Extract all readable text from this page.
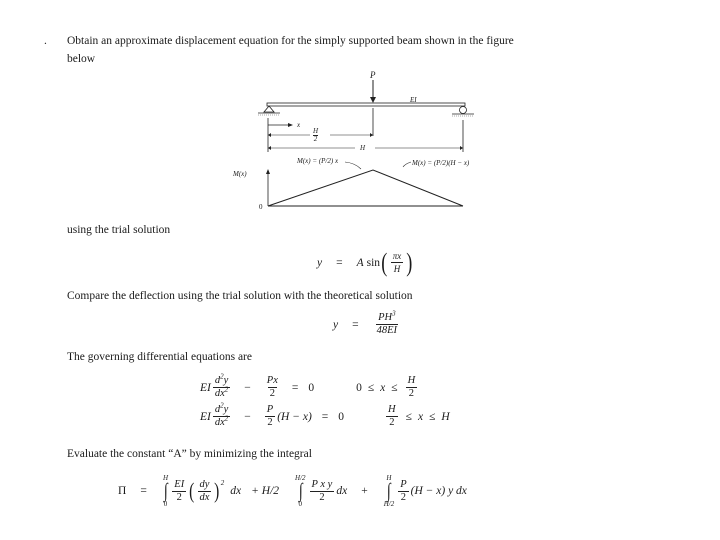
. Obtain an approximate displacement equation for the simply supported beam shown in the figure
below
P
EI
x
$\frac{H}{2}$
H
M(x)
0
M(x) = (P/2) x	M(x) = (P/2)(H − x)
using the trial solution
y = A sin ( $\frac{\pi x}{H}$ )
Compare the deflection using the trial solution with the theoretical solution
$y = \frac{PH^3}{48EI}$
The governing differential equations are
EI $\frac{d^2y}{dx^2} - \frac{Px}{2} = 0$	$0 \le x \le \frac{H}{2}$
EI $\frac{d^2y}{dx^2} - \frac{P}{2} (H - x) = 0$	$\frac{H}{2} \le x \le H$
Evaluate the constant “A” by minimizing the integral
Π =
H
∫
0
$\frac{EI}{2}$ ( $\frac{dy}{dx} )^2$
dx + H/2
H/2
∫
0
$\frac{\text{P x y}}{2}$ dx +
H
∫
H/2
$\frac{P}{2} (H - x)$ y dx
